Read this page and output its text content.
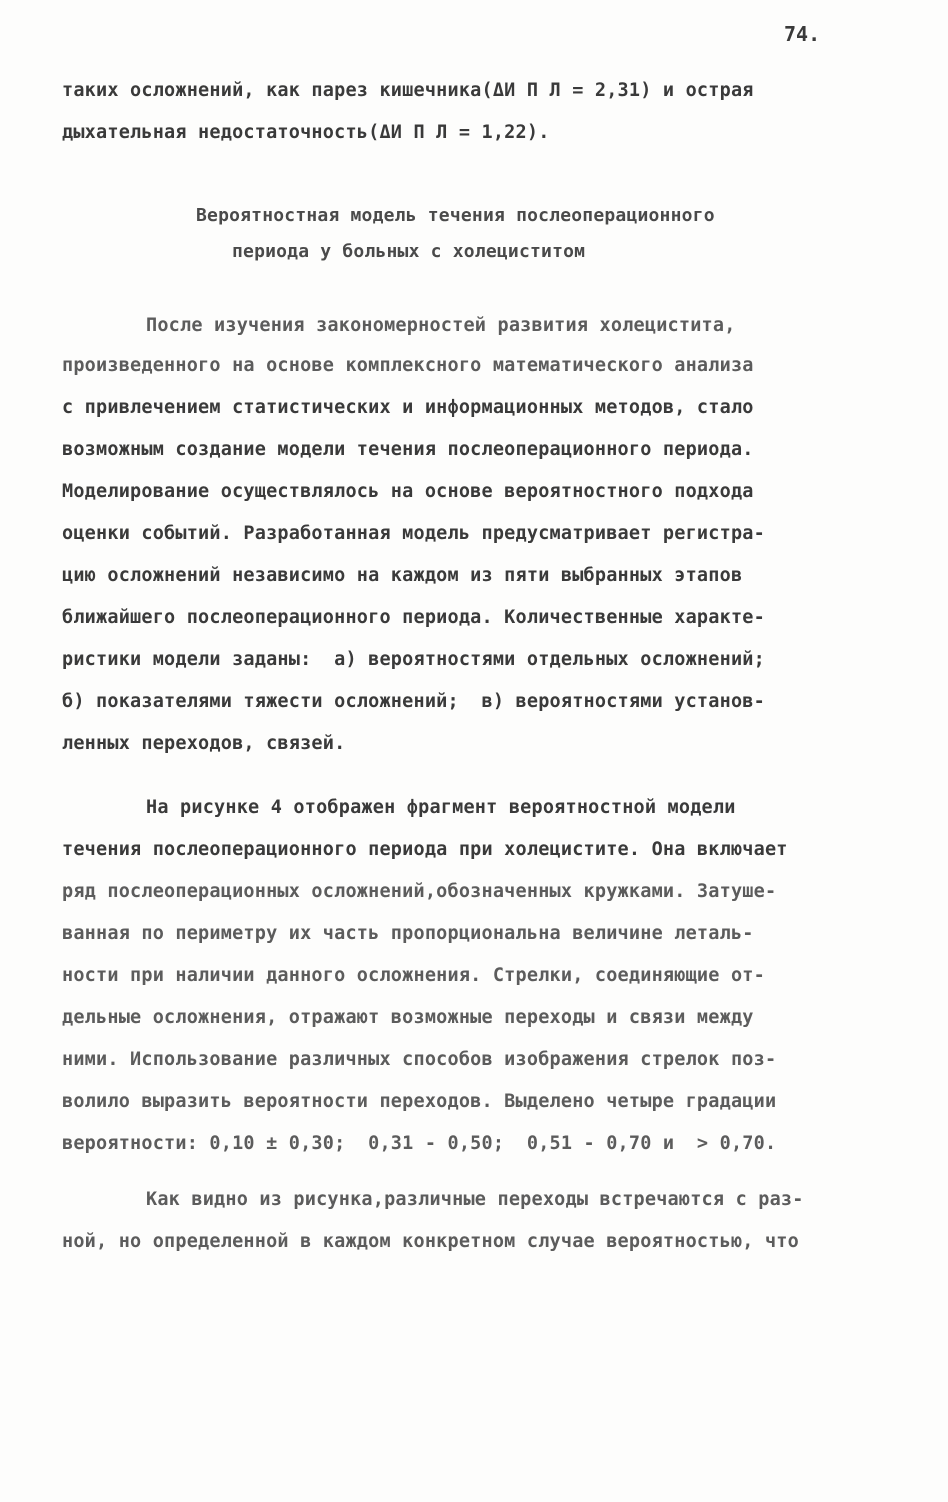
74.
таких осложнений, как парез кишечника(ΔИ П Л = 2,31) и острая
дыхательная недостаточность(ΔИ П Л = 1,22).
Вероятностная модель течения послеоперационного
периода у больных с холециститом
После изучения закономерностей развития холецистита,
произведенного на основе комплексного математического анализа
с привлечением статистических и информационных методов, стало
возможным создание модели течения послеоперационного периода.
Моделирование осуществлялось на основе вероятностного подхода
оценки событий. Разработанная модель предусматривает регистра-
цию осложнений независимо на каждом из пяти выбранных этапов
ближайшего послеоперационного периода. Количественные характе-
ристики модели заданы:  а) вероятностями отдельных осложнений;
б) показателями тяжести осложнений;  в) вероятностями установ-
ленных переходов, связей.
На рисунке 4 отображен фрагмент вероятностной модели
течения послеоперационного периода при холецистите. Она включает
ряд послеоперационных осложнений,обозначенных кружками. Затушe-
ванная по периметру их часть пропорциональна величине леталь-
ности при наличии данного осложнения. Стрелки, соединяющие от-
дельные осложнения, отражают возможные переходы и связи между
ними. Использование различных способов изображения стрелок поз-
волило выразить вероятности переходов. Выделено четыре градации
вероятности: 0,10 ± 0,30;  0,31 - 0,50;  0,51 - 0,70 и  > 0,70.
Как видно из рисунка,различные переходы встречаются с раз-
ной, но определенной в каждом конкретном случае вероятностью, что
